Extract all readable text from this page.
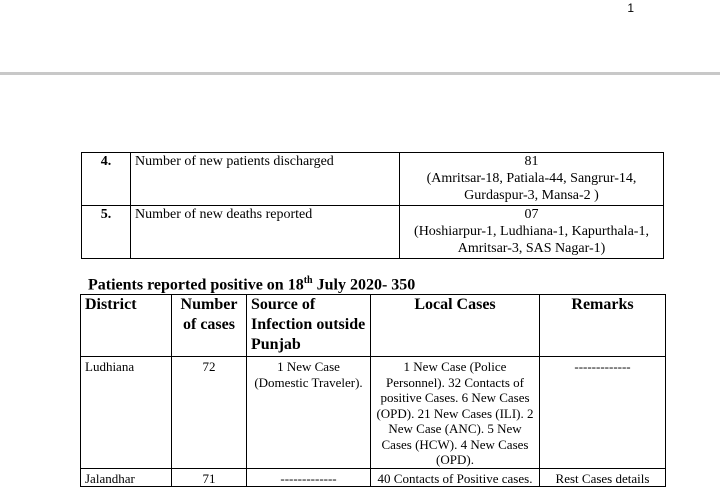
1
4.	Number of new patients discharged	81
(Amritsar-18, Patiala-44, Sangrur-14, Gurdaspur-3, Mansa-2 )

5.	Number of new deaths reported	07
(Hoshiarpur-1, Ludhiana-1, Kapurthala-1, Amritsar-3, SAS Nagar-1)
Patients reported positive on 18th July 2020- 350
District	Number of cases	Source of Infection outside Punjab	Local Cases	Remarks
Ludhiana	72	1 New Case (Domestic Traveler).	1 New Case (Police Personnel). 32 Contacts of positive Cases. 6 New Cases (OPD). 21 New Cases (ILI). 2 New Case (ANC). 5 New Cases (HCW). 4 New Cases (OPD).	-------------
Jalandhar	71	-------------	40 Contacts of Positive cases.	Rest Cases details
